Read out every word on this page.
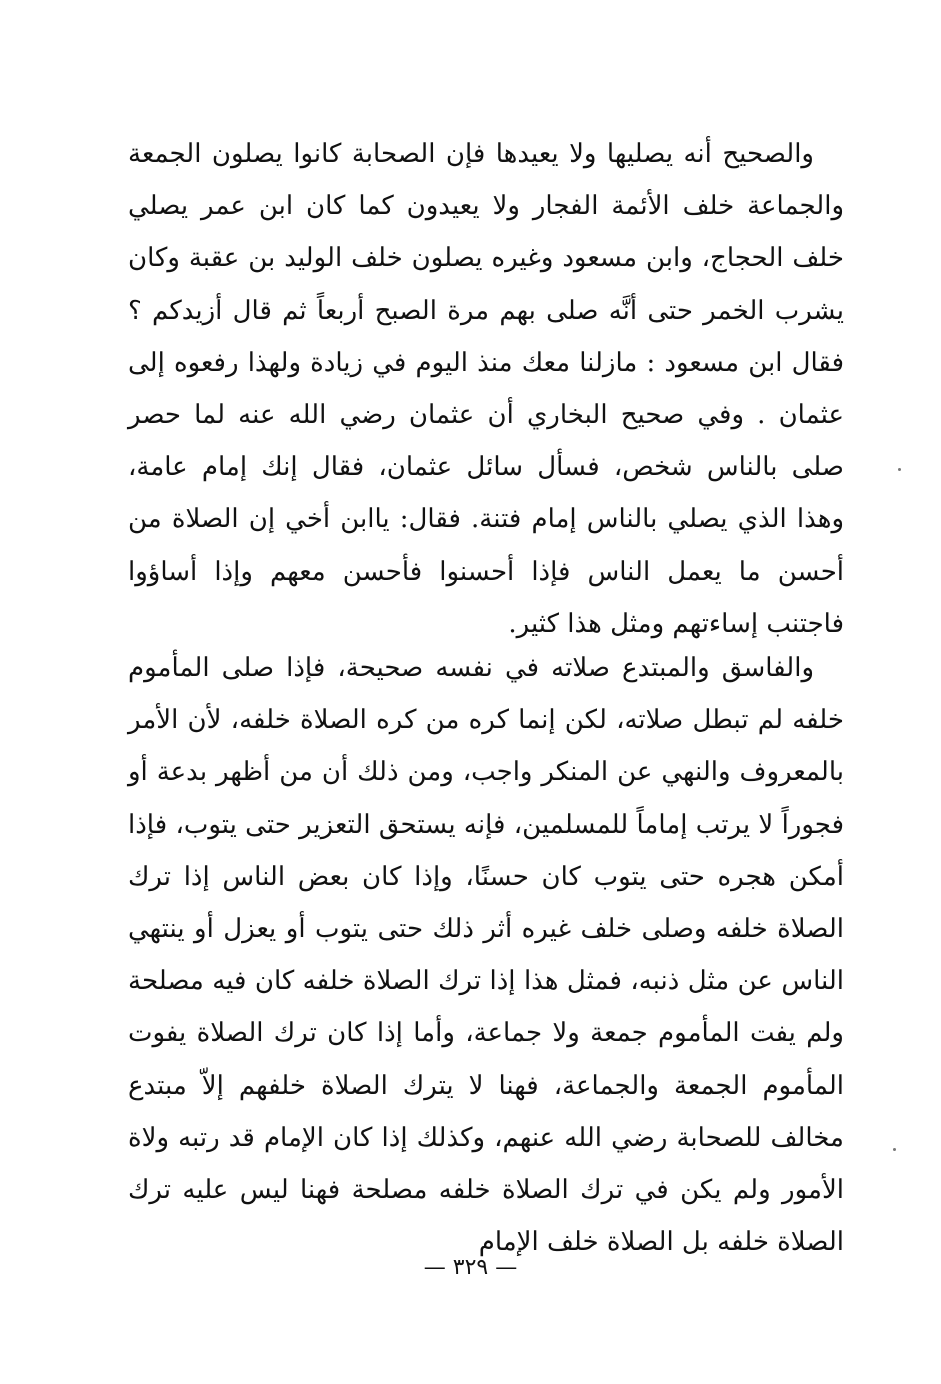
والصحيح أنه يصليها ولا يعيدها فإن الصحابة كانوا يصلون الجمعة والجماعة خلف الأئمة الفجار ولا يعيدون كما كان ابن عمر يصلي خلف الحجاج، وابن مسعود وغيره يصلون خلف الوليد بن عقبة وكان يشرب الخمر حتى أنَّه صلى بهم مرة الصبح أربعاً ثم قال أزيدكم ؟ فقال ابن مسعود : مازلنا معك منذ اليوم في زيادة ولهذا رفعوه إلى عثمان . وفي صحيح البخاري أن عثمان رضي الله عنه لما حصر صلى بالناس شخص، فسأل سائل عثمان، فقال إنك إمام عامة، وهذا الذي يصلي بالناس إمام فتنة. فقال: ياابن أخي إن الصلاة من أحسن ما يعمل الناس فإذا أحسنوا فأحسن معهم وإذا أساؤوا فاجتنب إساءتهم ومثل هذا كثير.

والفاسق والمبتدع صلاته في نفسه صحيحة، فإذا صلى المأموم خلفه لم تبطل صلاته، لكن إنما كره من كره الصلاة خلفه، لأن الأمر بالمعروف والنهي عن المنكر واجب، ومن ذلك أن من أظهر بدعة أو فجوراً لا يرتب إماماً للمسلمين، فإنه يستحق التعزير حتى يتوب، فإذا أمكن هجره حتى يتوب كان حسنًا، وإذا كان بعض الناس إذا ترك الصلاة خلفه وصلى خلف غيره أثر ذلك حتى يتوب أو يعزل أو ينتهي الناس عن مثل ذنبه، فمثل هذا إذا ترك الصلاة خلفه كان فيه مصلحة ولم يفت المأموم جمعة ولا جماعة، وأما إذا كان ترك الصلاة يفوت المأموم الجمعة والجماعة، فهنا لا يترك الصلاة خلفهم إلاّ مبتدع مخالف للصحابة رضي الله عنهم، وكذلك إذا كان الإمام قد رتبه ولاة الأمور ولم يكن في ترك الصلاة خلفه مصلحة فهنا ليس عليه ترك الصلاة خلفه بل الصلاة خلف الإمام

— ٣٢٩ —
